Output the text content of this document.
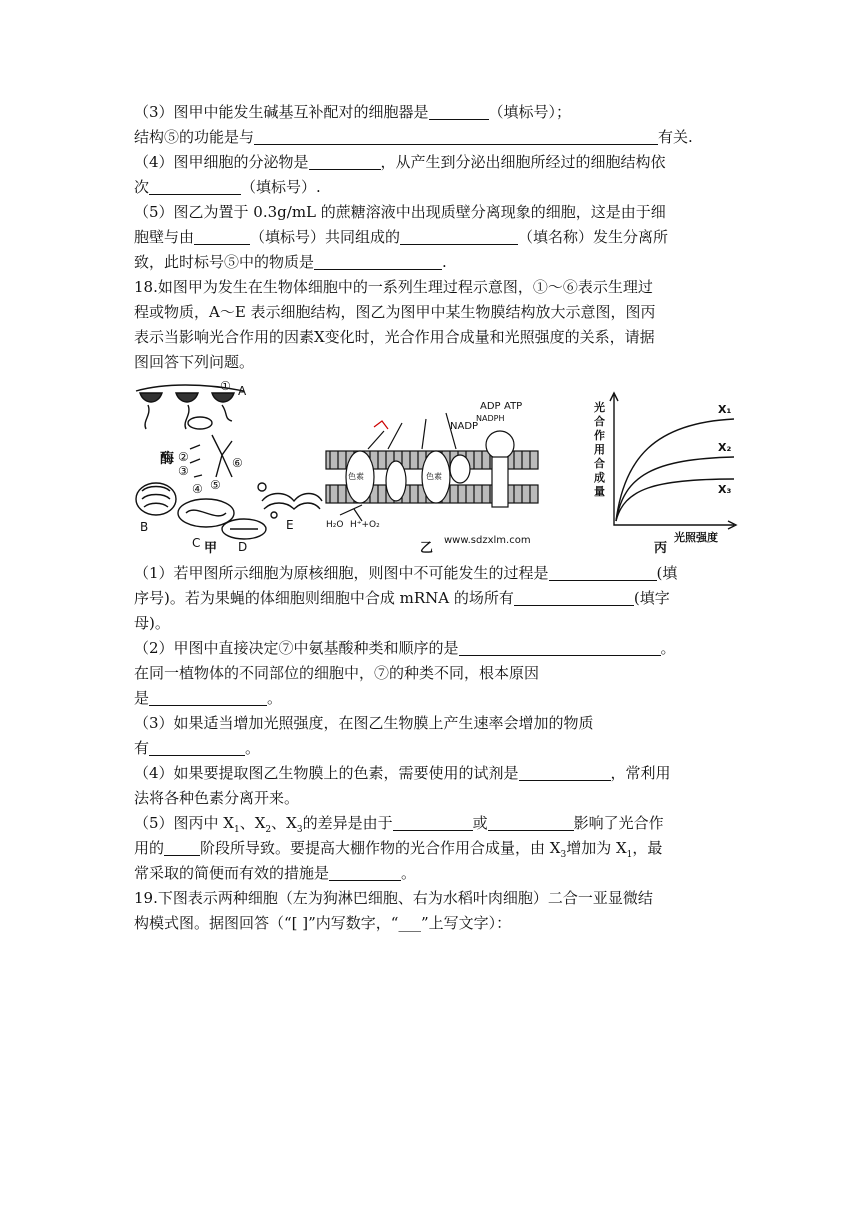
（3）图甲中能发生碱基互补配对的细胞器是	（填标号）；
结构⑤的功能是与	有关.
（4）图甲细胞的分泌物是	，从产生到分泌出细胞所经过的细胞结构依
次	（填标号）.
（5）图乙为置于 0.3g/mL 的蔗糖溶液中出现质壁分离现象的细胞，这是由于细
胞壁与由	（填标号）共同组成的	（填名称）发生分离所
致，此时标号⑤中的物质是	.
18.如图甲为发生在生物体细胞中的一系列生理过程示意图，①～⑥表示生理过
程或物质，A～E 表示细胞结构，图乙为图甲中某生物膜结构放大示意图，图丙
表示当影响光合作用的因素X变化时，光合作用合成量和光照强度的关系，请据
图回答下列问题。
① A
酶 ②
③
④ ⑤
⑥
B
C	D
E
ADP ATP
NADP
NADPH
色素	色素
H₂O H⁺+O₂
www.sdzxlm.com
光 合 作 用 合 成 量
光照强度
X₁
X₂
X₃
甲	乙	丙
（1）若甲图所示细胞为原核细胞，则图中不可能发生的过程是	(填
序号)。若为果蝇的体细胞则细胞中合成 mRNA 的场所有	(填字
母)。
（2）甲图中直接决定⑦中氨基酸种类和顺序的是	。
在同一植物体的不同部位的细胞中，⑦的种类不同，根本原因
是	。
（3）如果适当增加光照强度，在图乙生物膜上产生速率会增加的物质
有	。
（4）如果要提取图乙生物膜上的色素，需要使用的试剂是	，常利用
法将各种色素分离开来。
（5）图丙中 $X_1$、$X_2$、$X_3$的差异是由于	或	影响了光合作
用的 阶段所导致。要提高大棚作物的光合作用合成量，由 $X_3$增加为 $X_1$，最
常采取的简便而有效的措施是	。
19.下图表示两种细胞（左为狗淋巴细胞、右为水稻叶肉细胞）二合一亚显微结
构模式图。据图回答（“[ ]”内写数字，“___”上写文字）：
